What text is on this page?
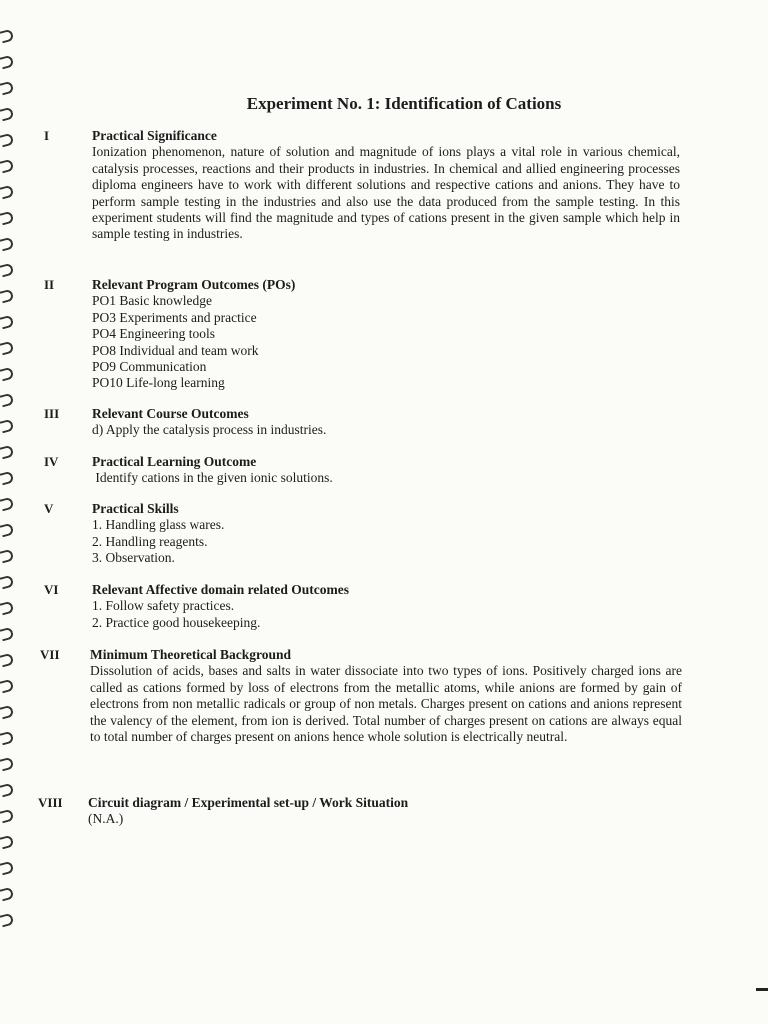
Experiment No. 1: Identification of Cations
I	Practical Significance
Ionization phenomenon, nature of solution and magnitude of ions plays a vital role in various chemical, catalysis processes, reactions and their products in industries. In chemical and allied engineering processes diploma engineers have to work with different solutions and respective cations and anions. They have to perform sample testing in the industries and also use the data produced from the sample testing. In this experiment students will find the magnitude and types of cations present in the given sample which help in sample testing in industries.
II	Relevant Program Outcomes (POs)
PO1 Basic knowledge
PO3 Experiments and practice
PO4 Engineering tools
PO8 Individual and team work
PO9 Communication
PO10 Life-long learning
III Relevant Course Outcomes
d) Apply the catalysis process in industries.
IV Practical Learning Outcome
Identify cations in the given ionic solutions.
V	Practical Skills
1. Handling glass wares.
2. Handling reagents.
3. Observation.
VI Relevant Affective domain related Outcomes
1. Follow safety practices.
2. Practice good housekeeping.
VII Minimum Theoretical Background
Dissolution of acids, bases and salts in water dissociate into two types of ions. Positively charged ions are called as cations formed by loss of electrons from the metallic atoms, while anions are formed by gain of electrons from non metallic radicals or group of non metals. Charges present on cations and anions represent the valency of the element, from ion is derived. Total number of charges present on cations are always equal to total number of charges present on anions hence whole solution is electrically neutral.
VIII Circuit diagram / Experimental set-up / Work Situation
(N.A.)
